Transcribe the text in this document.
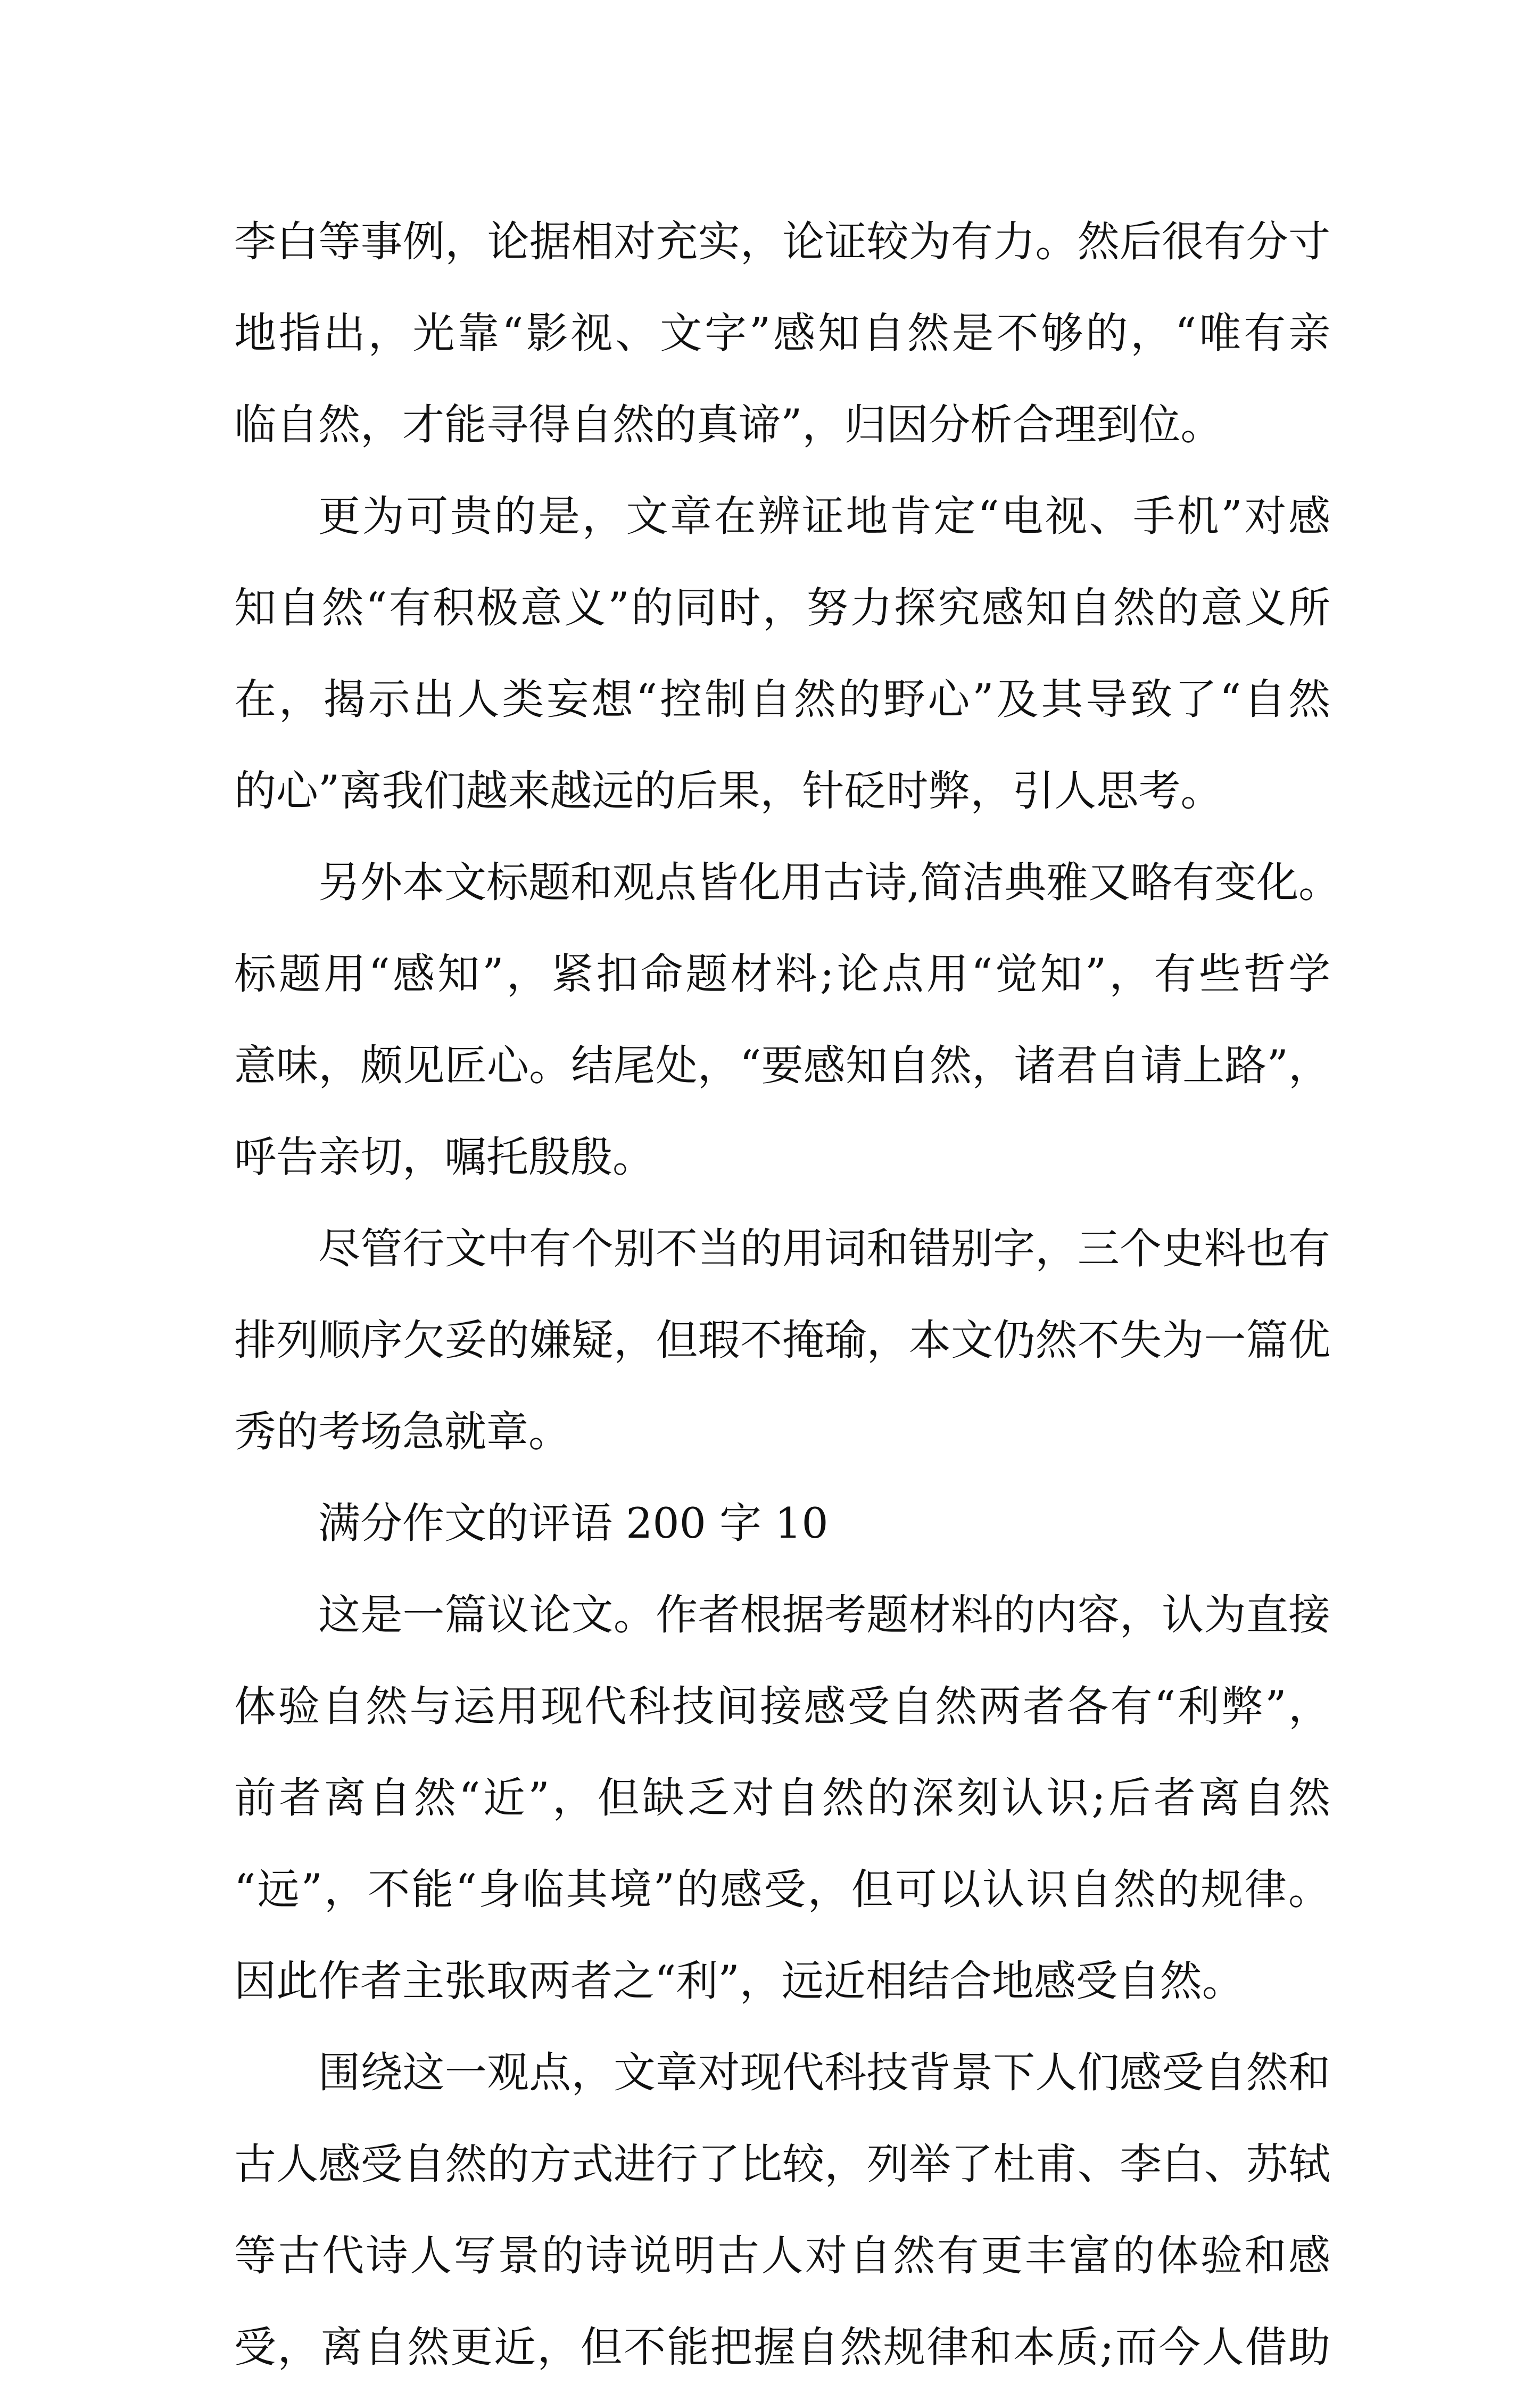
李白等事例，论据相对充实，论证较为有力。然后很有分寸
地指出，光靠“影视、文字”感知自然是不够的，“唯有亲
临自然，才能寻得自然的真谛”，归因分析合理到位。
更为可贵的是，文章在辨证地肯定“电视、手机”对感
知自然“有积极意义”的同时，努力探究感知自然的意义所
在，揭示出人类妄想“控制自然的野心”及其导致了“自然
的心”离我们越来越远的后果，针砭时弊，引人思考。
另外本文标题和观点皆化用古诗,简洁典雅又略有变化。
标题用“感知”，紧扣命题材料;论点用“觉知”，有些哲学
意味，颇见匠心。结尾处，“要感知自然，诸君自请上路”，
呼告亲切，嘱托殷殷。
尽管行文中有个别不当的用词和错别字，三个史料也有
排列顺序欠妥的嫌疑，但瑕不掩瑜，本文仍然不失为一篇优
秀的考场急就章。
满分作文的评语 200 字 10
这是一篇议论文。作者根据考题材料的内容，认为直接
体验自然与运用现代科技间接感受自然两者各有“利弊”，
前者离自然“近”，但缺乏对自然的深刻认识;后者离自然
“远”，不能“身临其境”的感受，但可以认识自然的规律。
因此作者主张取两者之“利”，远近相结合地感受自然。
围绕这一观点，文章对现代科技背景下人们感受自然和
古人感受自然的方式进行了比较，列举了杜甫、李白、苏轼
等古代诗人写景的诗说明古人对自然有更丰富的体验和感
受，离自然更近，但不能把握自然规律和本质;而今人借助
